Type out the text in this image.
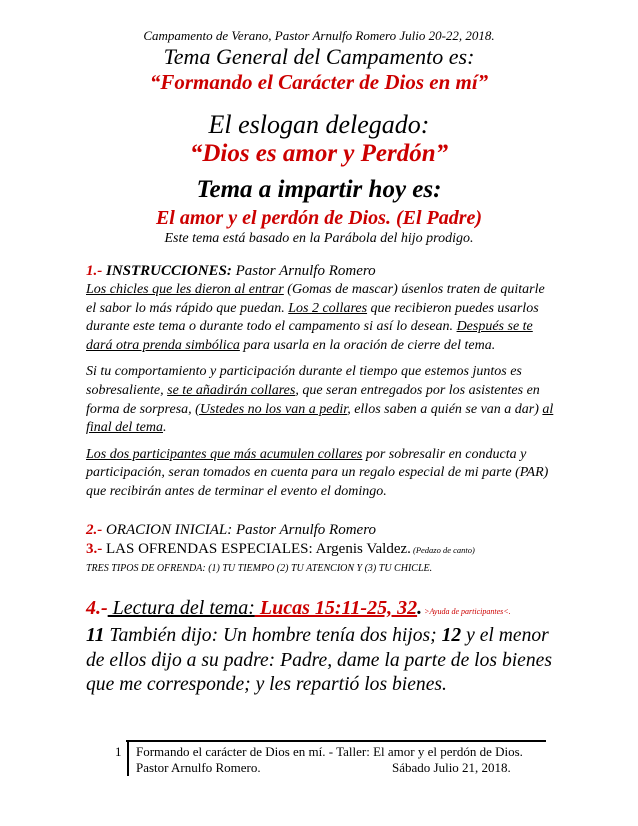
Campamento de Verano, Pastor Arnulfo Romero Julio 20-22, 2018.
Tema General del Campamento es:
“Formando el Carácter de Dios en mí”
El eslogan delegado:
“Dios es amor y Perdón”
Tema a impartir hoy es:
El amor y el perdón de Dios. (El Padre)
Este tema está basado en la Parábola del hijo prodigo.

1.- INSTRUCCIONES: Pastor Arnulfo Romero

Los chicles que les dieron al entrar (Gomas de mascar) úsenlos traten de quitarle el sabor lo más rápido que puedan. Los 2 collares que recibieron puedes usarlos durante este tema o durante todo el campamento si así lo desean. Después se te dará otra prenda simbólica para usarla en la oración de cierre del tema.

Si tu comportamiento y participación durante el tiempo que estemos juntos es sobresaliente, se te añadirán collares, que seran entregados por los asistentes en forma de sorpresa, (Ustedes no los van a pedir, ellos saben a quién se van a dar) al final del tema.

Los dos participantes que más acumulen collares por sobresalir en conducta y participación, seran tomados en cuenta para un regalo especial de mi parte (PAR) que recibirán antes de terminar el evento el domingo.

2.- ORACION INICIAL: Pastor Arnulfo Romero
3.- LAS OFRENDAS ESPECIALES: Argenis Valdez. (Pedazo de canto)
TRES TIPOS DE OFRENDA: (1) TU TIEMPO (2) TU ATENCION Y (3) TU CHICLE.

4.- Lectura del tema: Lucas 15:11-25, 32. >Ayuda de participantes<.

11 También dijo: Un hombre tenía dos hijos; 12 y el menor de ellos dijo a su padre: Padre, dame la parte de los bienes que me corresponde; y les repartió los bienes.

1 Formando el carácter de Dios en mí. - Taller: El amor y el perdón de Dios.
Pastor Arnulfo Romero.	Sábado Julio 21, 2018.
